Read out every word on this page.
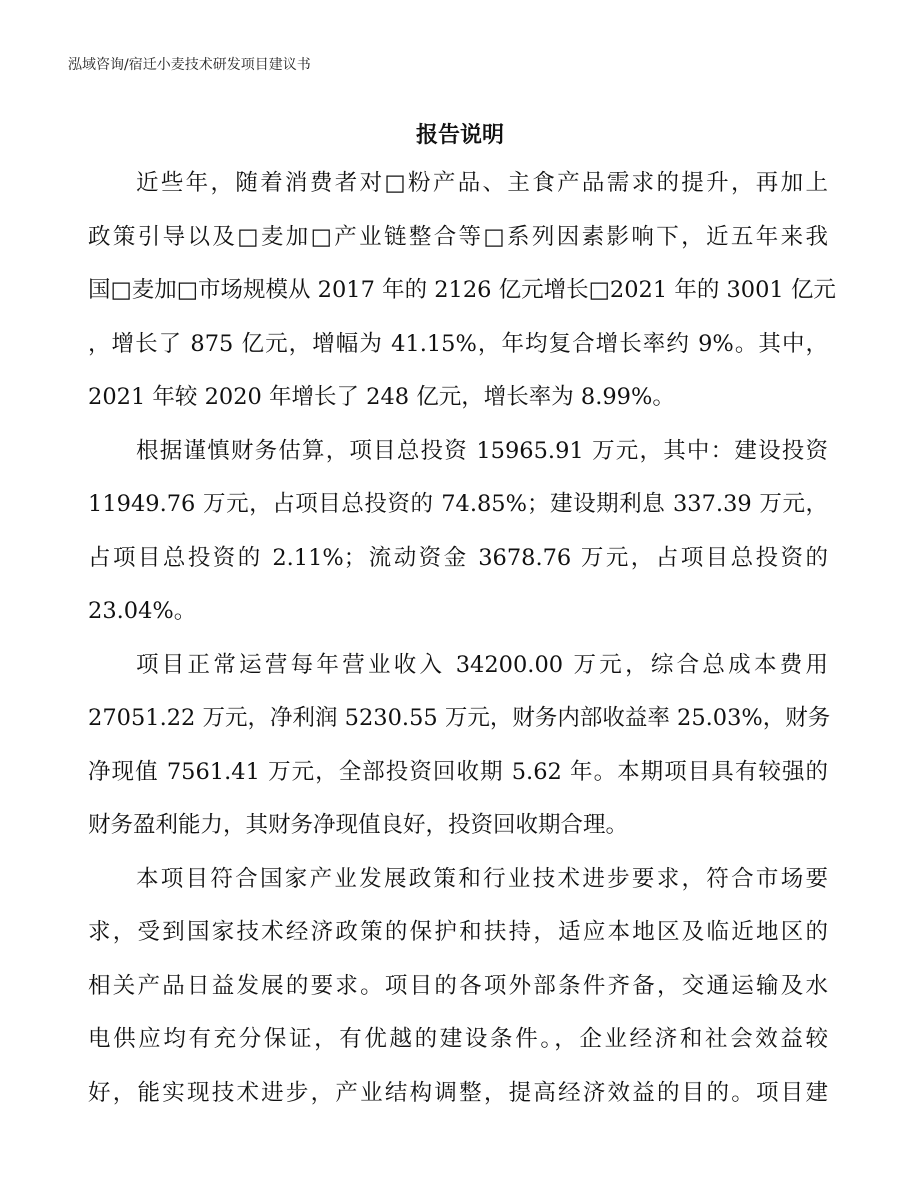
泓域咨询/宿迁小麦技术研发项目建议书
报告说明
近些年，随着消费者对□粉产品、主食产品需求的提升，再加上
政策引导以及□麦加□产业链整合等□系列因素影响下，近五年来我
国□麦加□市场规模从 2017 年的 2126 亿元增长□2021 年的 3001 亿元
，增长了 875 亿元，增幅为 41.15%，年均复合增长率约 9%。其中，
2021 年较 2020 年增长了 248 亿元，增长率为 8.99%。
根据谨慎财务估算，项目总投资 15965.91 万元，其中：建设投资
11949.76 万元，占项目总投资的 74.85%；建设期利息 337.39 万元，
占项目总投资的 2.11%；流动资金 3678.76 万元，占项目总投资的
23.04%。
项目正常运营每年营业收入 34200.00 万元，综合总成本费用
27051.22 万元，净利润 5230.55 万元，财务内部收益率 25.03%，财务
净现值 7561.41 万元，全部投资回收期 5.62 年。本期项目具有较强的
财务盈利能力，其财务净现值良好，投资回收期合理。
本项目符合国家产业发展政策和行业技术进步要求，符合市场要
求，受到国家技术经济政策的保护和扶持，适应本地区及临近地区的
相关产品日益发展的要求。项目的各项外部条件齐备，交通运输及水
电供应均有充分保证，有优越的建设条件。，企业经济和社会效益较
好，能实现技术进步，产业结构调整，提高经济效益的目的。项目建
